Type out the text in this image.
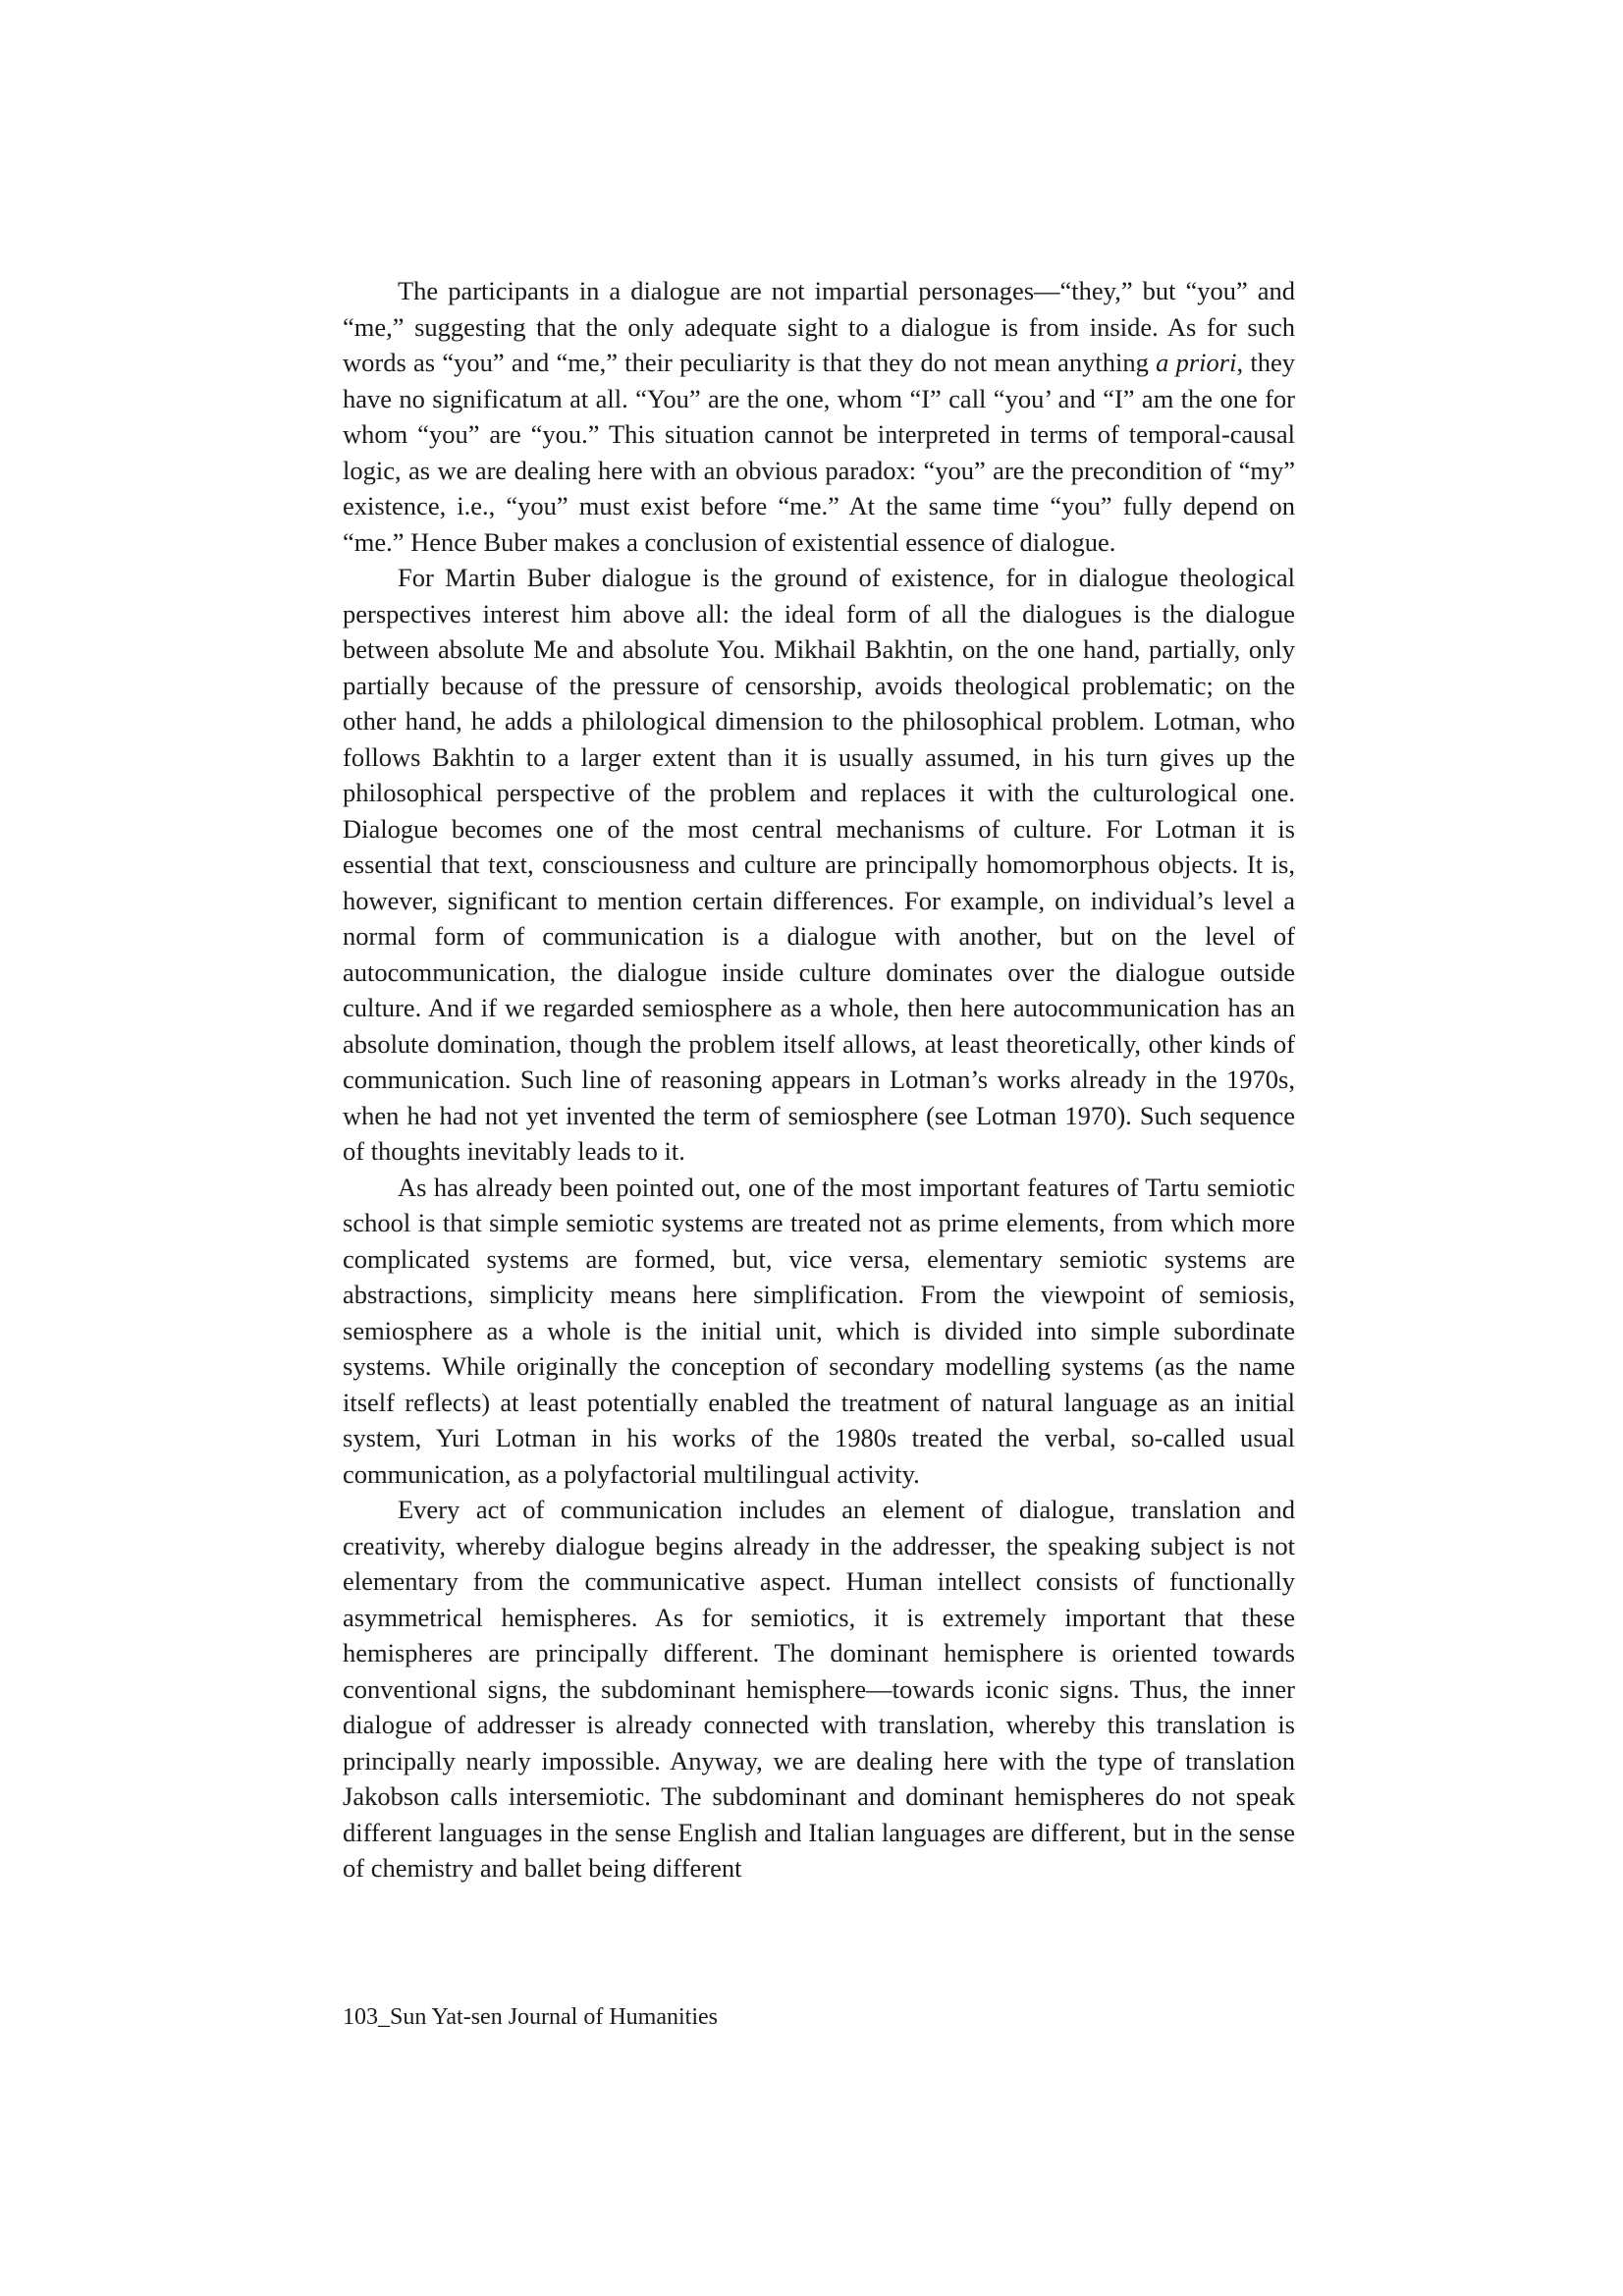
The participants in a dialogue are not impartial personages—“they,” but “you” and “me,” suggesting that the only adequate sight to a dialogue is from inside. As for such words as “you” and “me,” their peculiarity is that they do not mean anything a priori, they have no significatum at all. “You” are the one, whom “I” call “you’ and “I” am the one for whom “you” are “you.” This situation cannot be interpreted in terms of temporal-causal logic, as we are dealing here with an obvious paradox: “you” are the precondition of “my” existence, i.e., “you” must exist before “me.” At the same time “you” fully depend on “me.” Hence Buber makes a conclusion of existential essence of dialogue.

For Martin Buber dialogue is the ground of existence, for in dialogue theological perspectives interest him above all: the ideal form of all the dialogues is the dialogue between absolute Me and absolute You. Mikhail Bakhtin, on the one hand, partially, only partially because of the pressure of censorship, avoids theological problematic; on the other hand, he adds a philological dimension to the philosophical problem. Lotman, who follows Bakhtin to a larger extent than it is usually assumed, in his turn gives up the philosophical perspective of the problem and replaces it with the culturological one. Dialogue becomes one of the most central mechanisms of culture. For Lotman it is essential that text, consciousness and culture are principally homomorphous objects. It is, however, significant to mention certain differences. For example, on individual’s level a normal form of communication is a dialogue with another, but on the level of autocommunication, the dialogue inside culture dominates over the dialogue outside culture. And if we regarded semiosphere as a whole, then here autocommunication has an absolute domination, though the problem itself allows, at least theoretically, other kinds of communication. Such line of reasoning appears in Lotman’s works already in the 1970s, when he had not yet invented the term of semiosphere (see Lotman 1970). Such sequence of thoughts inevitably leads to it.

As has already been pointed out, one of the most important features of Tartu semiotic school is that simple semiotic systems are treated not as prime elements, from which more complicated systems are formed, but, vice versa, elementary semiotic systems are abstractions, simplicity means here simplification. From the viewpoint of semiosis, semiosphere as a whole is the initial unit, which is divided into simple subordinate systems. While originally the conception of secondary modelling systems (as the name itself reflects) at least potentially enabled the treatment of natural language as an initial system, Yuri Lotman in his works of the 1980s treated the verbal, so-called usual communication, as a polyfactorial multilingual activity.

Every act of communication includes an element of dialogue, translation and creativity, whereby dialogue begins already in the addresser, the speaking subject is not elementary from the communicative aspect. Human intellect consists of functionally asymmetrical hemispheres. As for semiotics, it is extremely important that these hemispheres are principally different. The dominant hemisphere is oriented towards conventional signs, the subdominant hemisphere—towards iconic signs. Thus, the inner dialogue of addresser is already connected with translation, whereby this translation is principally nearly impossible. Anyway, we are dealing here with the type of translation Jakobson calls intersemiotic. The subdominant and dominant hemispheres do not speak different languages in the sense English and Italian languages are different, but in the sense of chemistry and ballet being different

103_Sun Yat-sen Journal of Humanities
